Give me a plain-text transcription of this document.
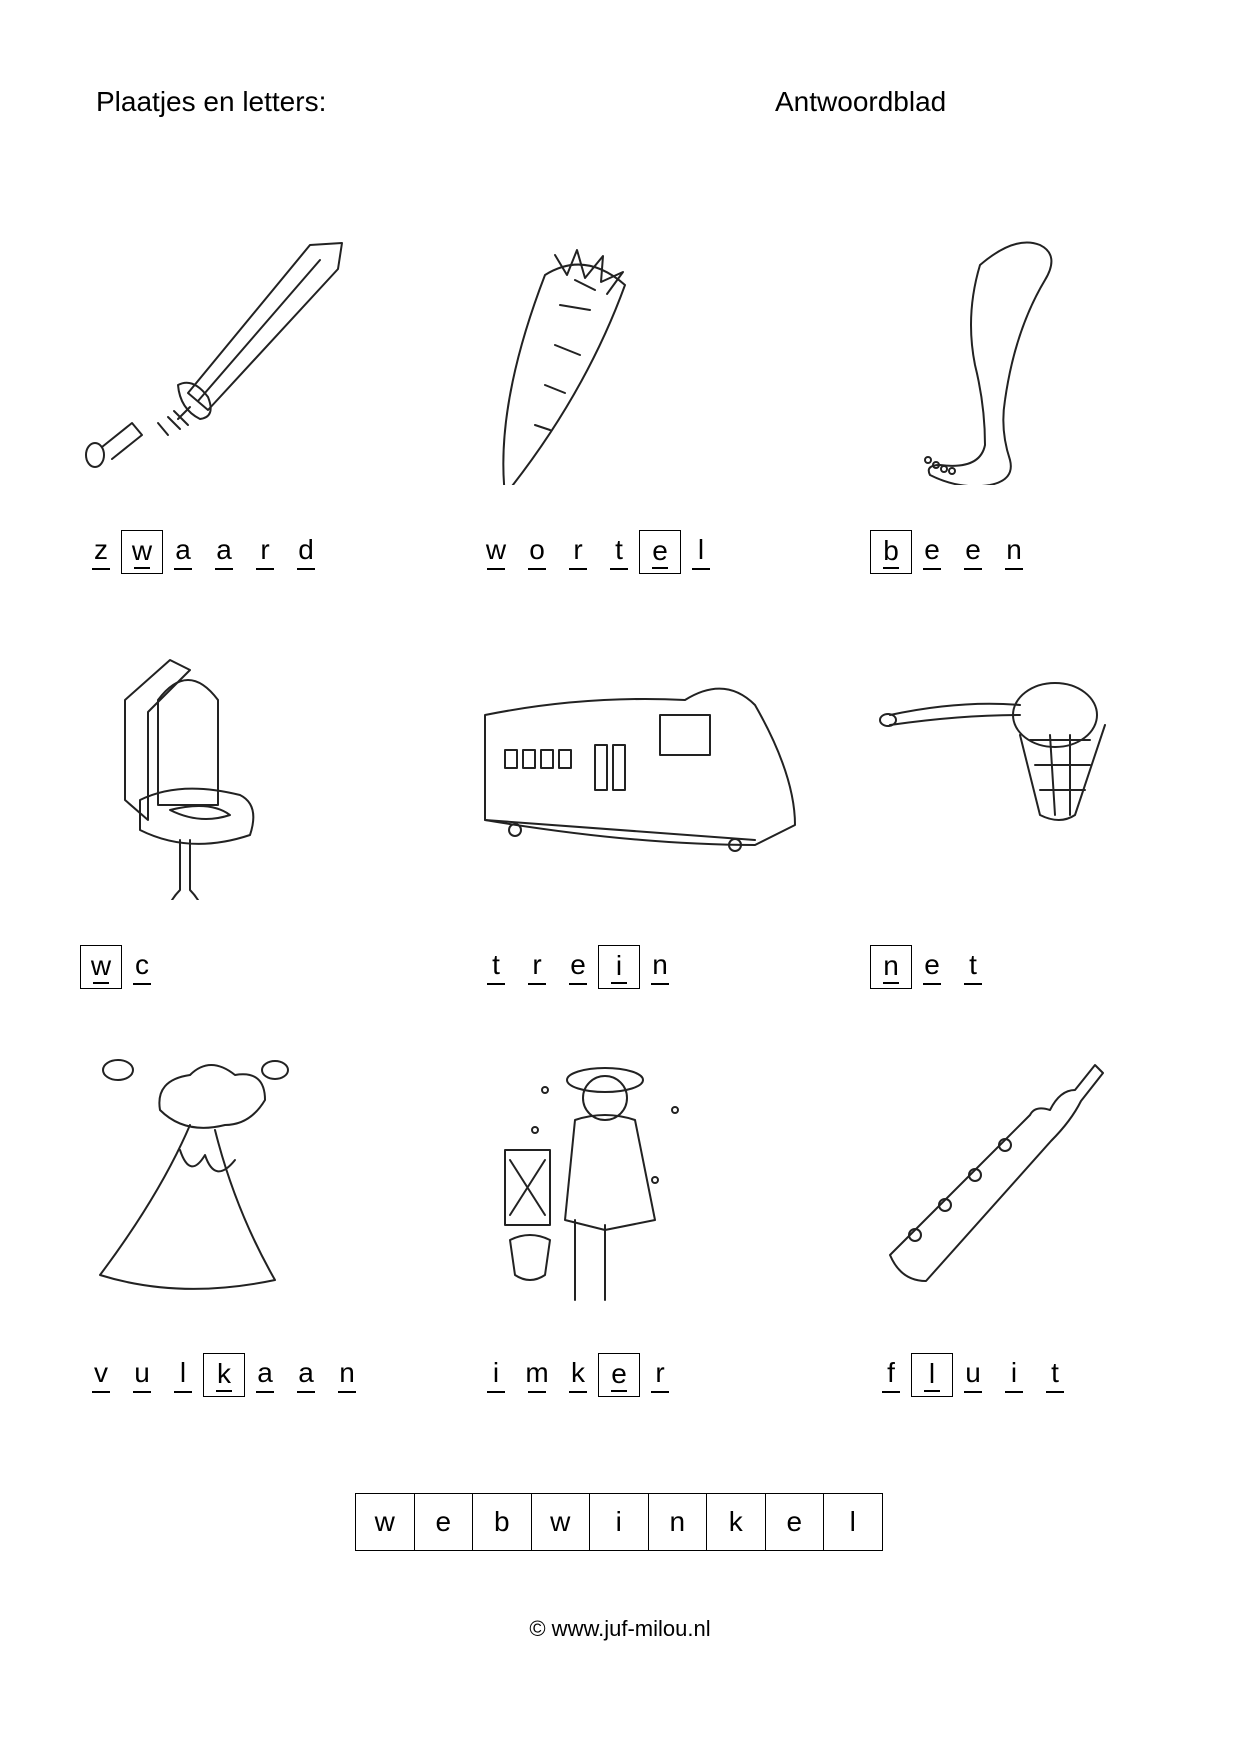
Plaatjes en letters:	Antwoordblad
z w a a	r	d	w o	r	t	e	l	b e e n
w c	t	r	e	i	n	n e	t
v u	l	k a a n	i m k e	r	f	l	u	i	t
w	e	b	w	i	n	k	e	l
© www.juf-milou.nl
